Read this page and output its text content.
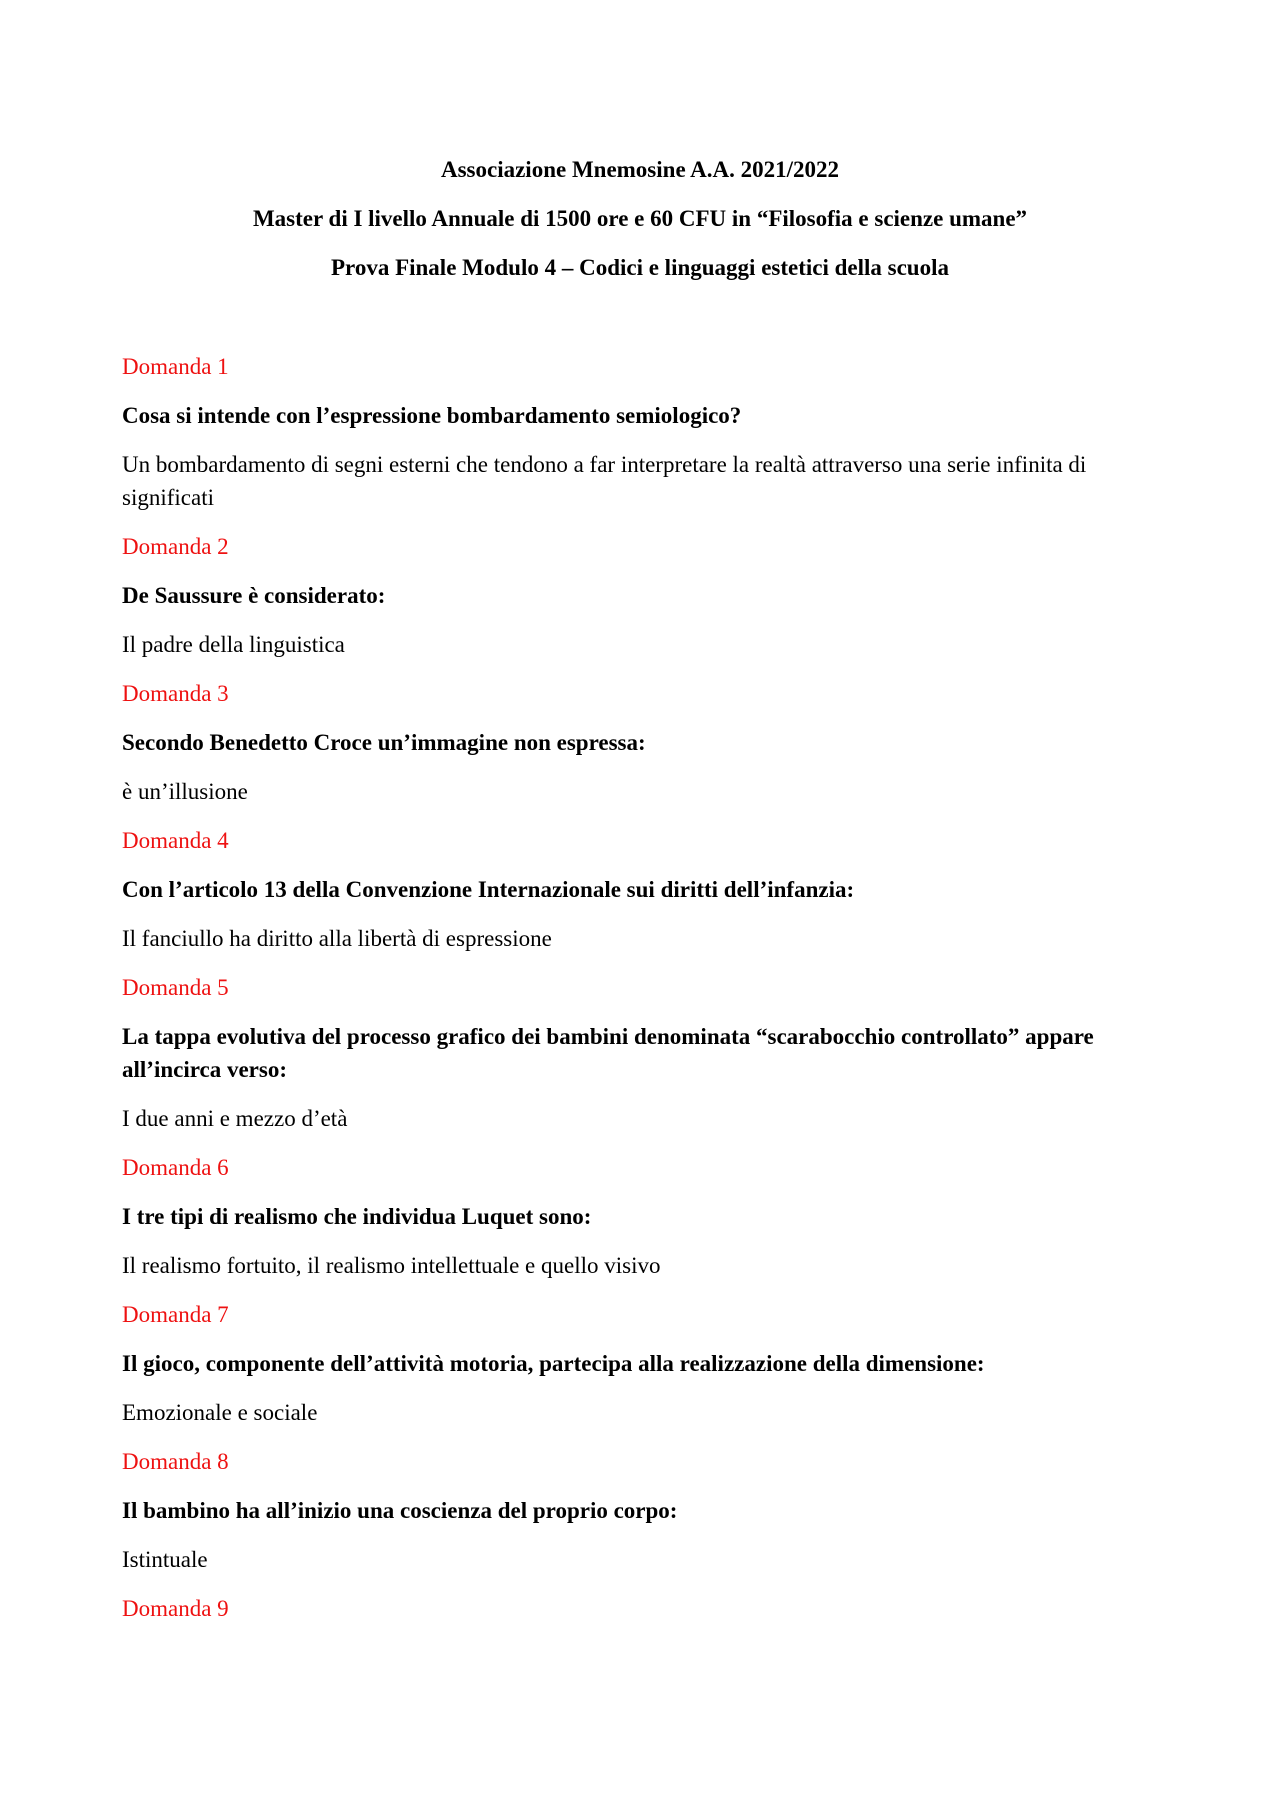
Associazione Mnemosine A.A. 2021/2022
Master di I livello Annuale di 1500 ore e 60 CFU in “Filosofia e scienze umane”
Prova Finale Modulo 4 – Codici e linguaggi estetici della scuola
Domanda 1
Cosa si intende con l’espressione bombardamento semiologico?
Un bombardamento di segni esterni che tendono a far interpretare la realtà attraverso una serie infinita di significati
Domanda 2
De Saussure è considerato:
Il padre della linguistica
Domanda 3
Secondo Benedetto Croce un’immagine non espressa:
è un’illusione
Domanda 4
Con l’articolo 13 della Convenzione Internazionale sui diritti dell’infanzia:
Il fanciullo ha diritto alla libertà di espressione
Domanda 5
La tappa evolutiva del processo grafico dei bambini denominata “scarabocchio controllato” appare all’incirca verso:
I due anni e mezzo d’età
Domanda 6
I tre tipi di realismo che individua Luquet sono:
Il realismo fortuito, il realismo intellettuale e quello visivo
Domanda 7
Il gioco, componente dell’attività motoria, partecipa alla realizzazione della dimensione:
Emozionale e sociale
Domanda 8
Il bambino ha all’inizio una coscienza del proprio corpo:
Istintuale
Domanda 9
